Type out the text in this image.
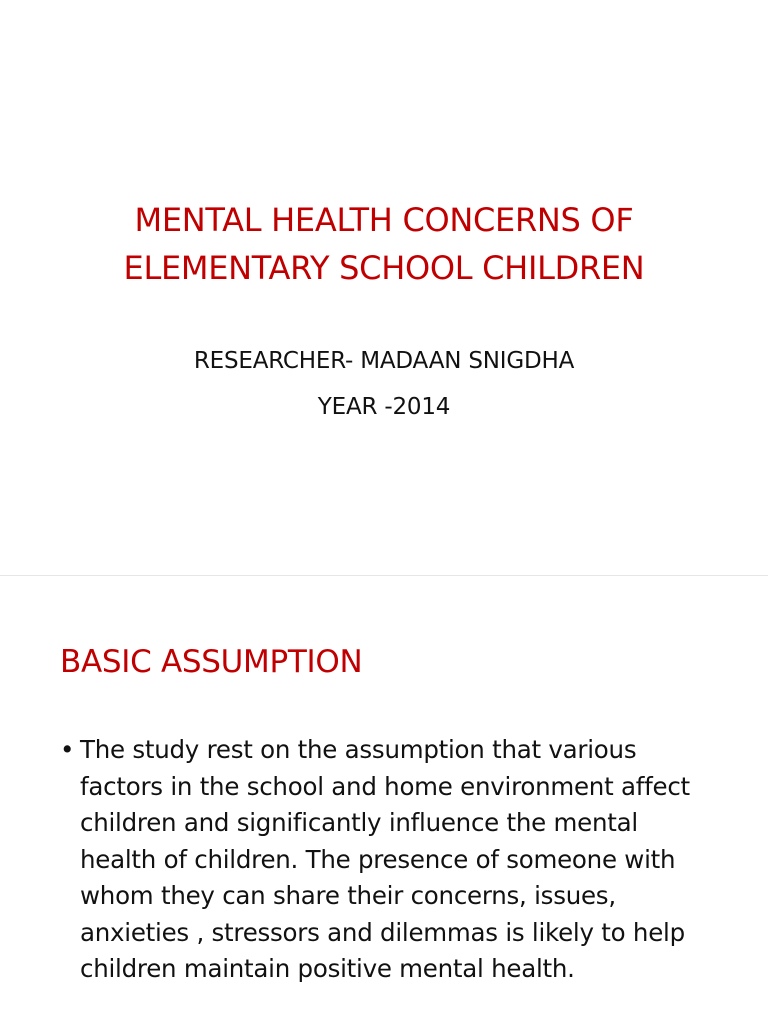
MENTAL HEALTH CONCERNS OF
ELEMENTARY SCHOOL CHILDREN
RESEARCHER- MADAAN SNIGDHA
YEAR -2014
BASIC ASSUMPTION
• The study rest on the assumption that various factors in the school and home environment affect children and significantly influence the mental health of children. The presence of someone with whom they can share their concerns, issues, anxieties , stressors and dilemmas is likely to help children maintain positive mental health.
